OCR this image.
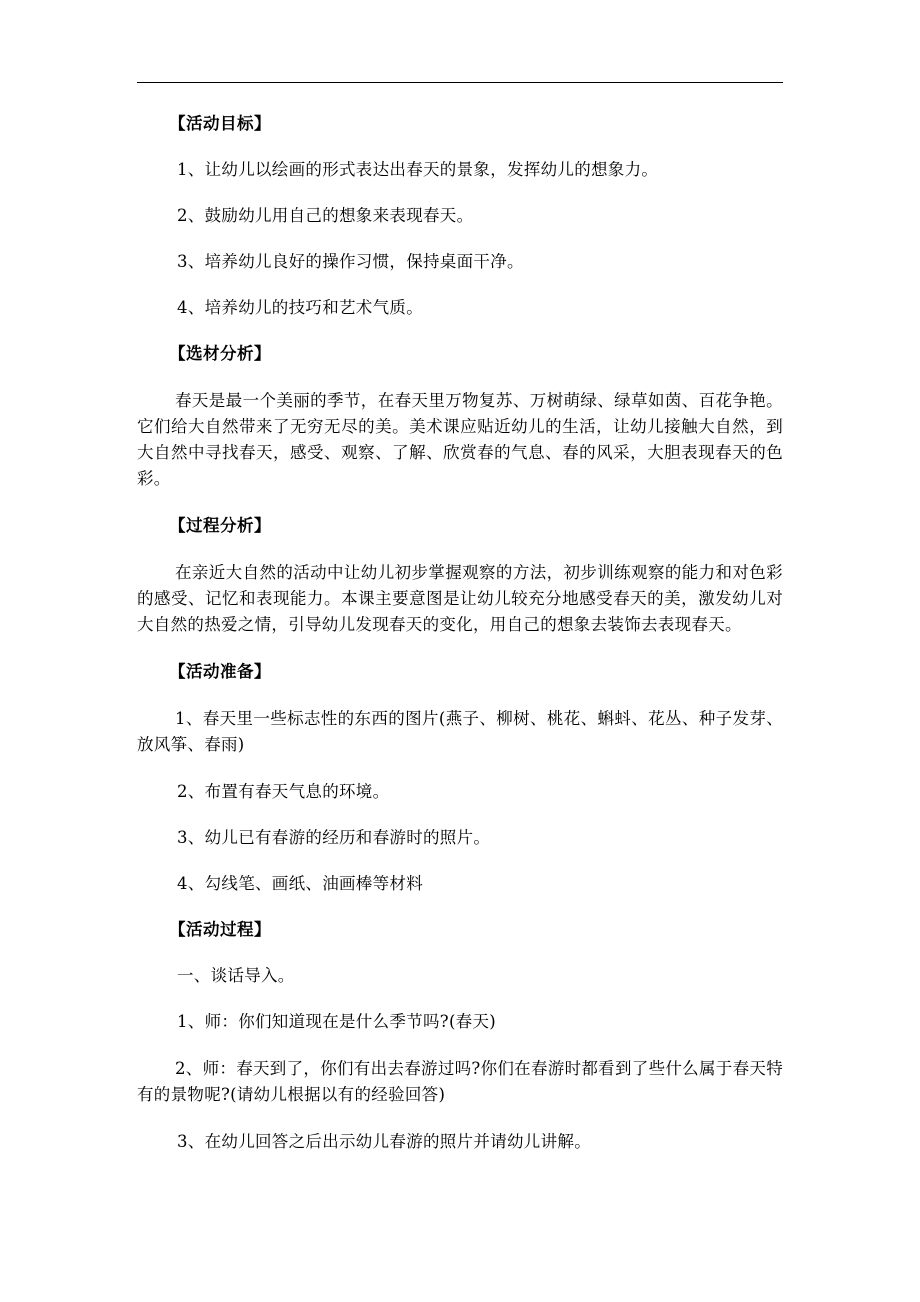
【活动目标】
1、让幼儿以绘画的形式表达出春天的景象，发挥幼儿的想象力。
2、鼓励幼儿用自己的想象来表现春天。
3、培养幼儿良好的操作习惯，保持桌面干净。
4、培养幼儿的技巧和艺术气质。
【选材分析】
春天是最一个美丽的季节，在春天里万物复苏、万树萌绿、绿草如茵、百花争艳。它们给大自然带来了无穷无尽的美。美术课应贴近幼儿的生活，让幼儿接触大自然，到大自然中寻找春天，感受、观察、了解、欣赏春的气息、春的风采，大胆表现春天的色彩。
【过程分析】
在亲近大自然的活动中让幼儿初步掌握观察的方法，初步训练观察的能力和对色彩的感受、记忆和表现能力。本课主要意图是让幼儿较充分地感受春天的美，激发幼儿对大自然的热爱之情，引导幼儿发现春天的变化，用自己的想象去装饰去表现春天。
【活动准备】
1、春天里一些标志性的东西的图片(燕子、柳树、桃花、蝌蚪、花丛、种子发芽、放风筝、春雨)
2、布置有春天气息的环境。
3、幼儿已有春游的经历和春游时的照片。
4、勾线笔、画纸、油画棒等材料
【活动过程】
一、谈话导入。
1、师：你们知道现在是什么季节吗?(春天)
2、师：春天到了，你们有出去春游过吗?你们在春游时都看到了些什么属于春天特有的景物呢?(请幼儿根据以有的经验回答)
3、在幼儿回答之后出示幼儿春游的照片并请幼儿讲解。
